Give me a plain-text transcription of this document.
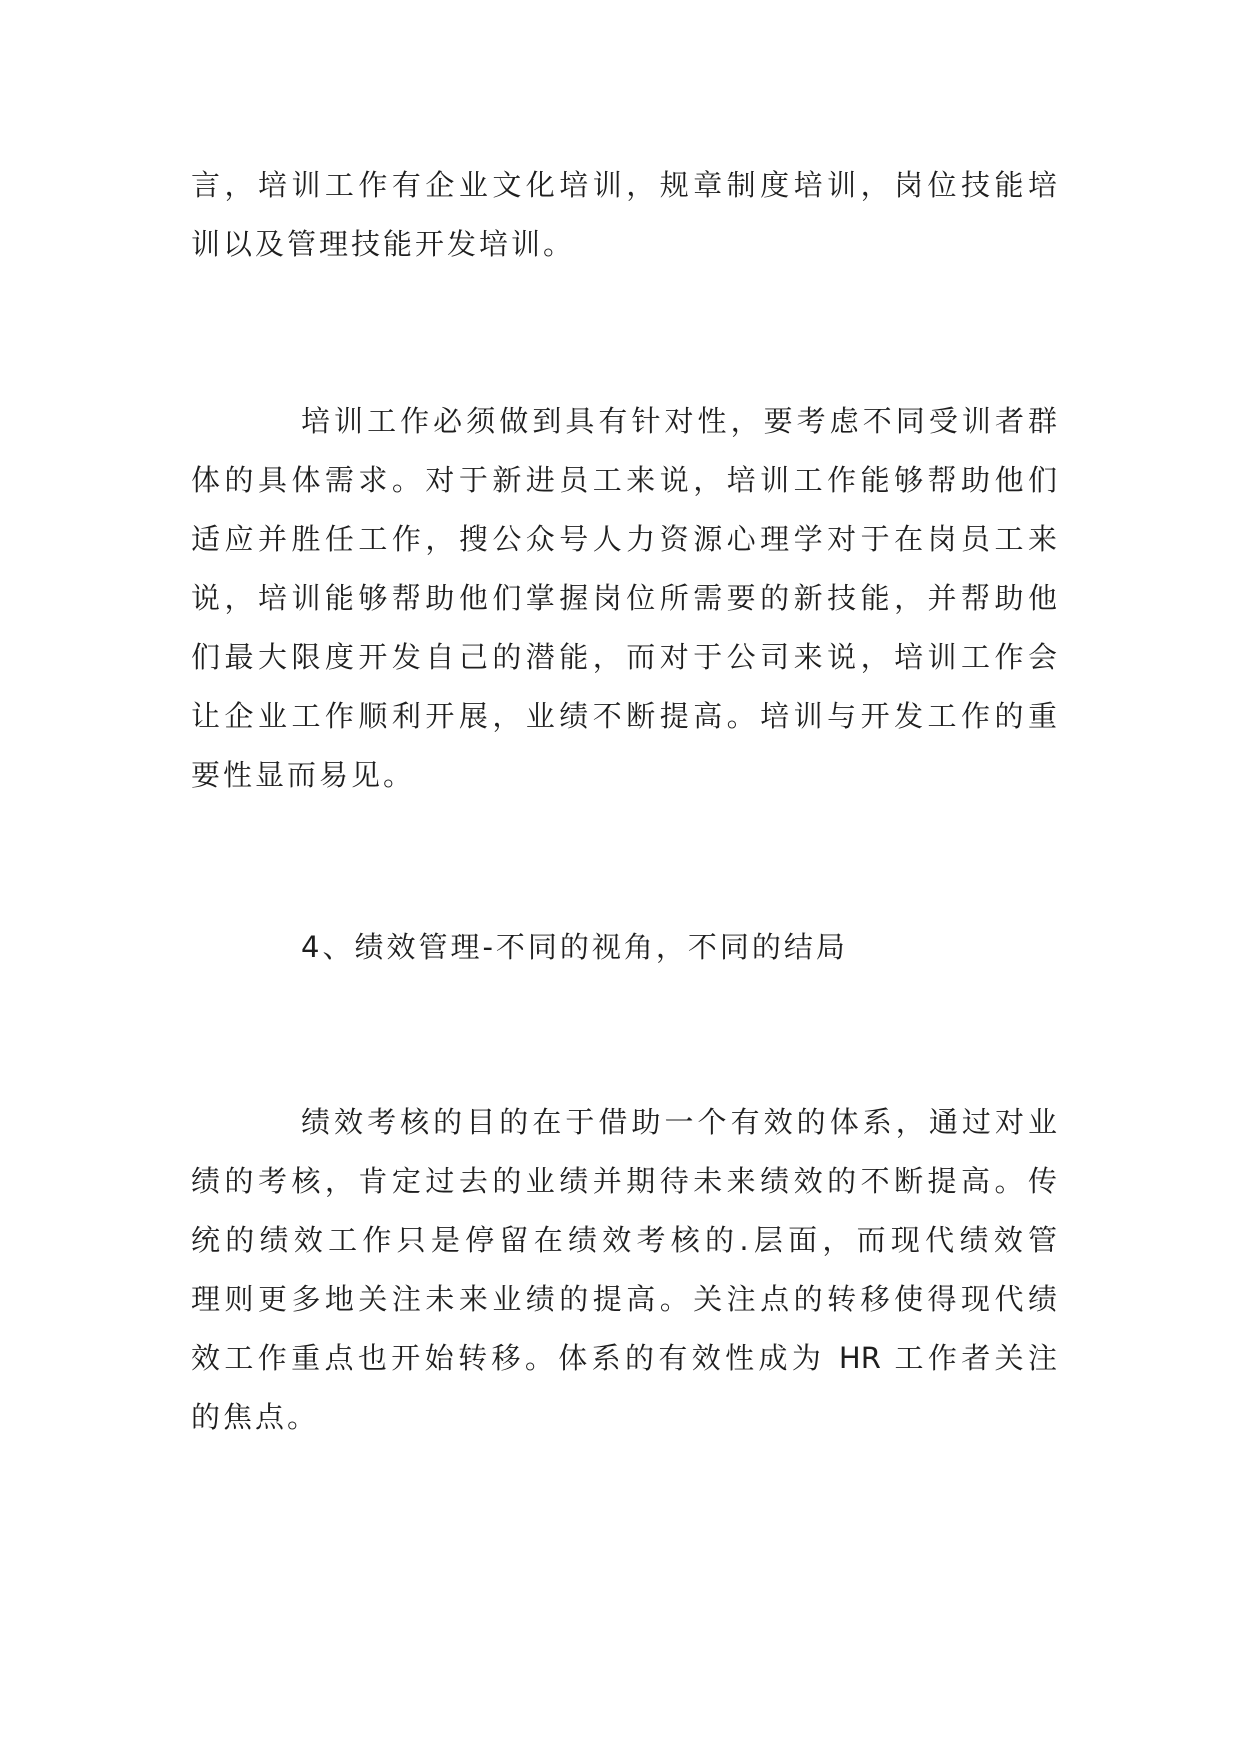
言，培训工作有企业文化培训，规章制度培训，岗位技能培
训以及管理技能开发培训。
培训工作必须做到具有针对性，要考虑不同受训者群
体的具体需求。对于新进员工来说，培训工作能够帮助他们
适应并胜任工作，搜公众号人力资源心理学对于在岗员工来
说，培训能够帮助他们掌握岗位所需要的新技能，并帮助他
们最大限度开发自己的潜能，而对于公司来说，培训工作会
让企业工作顺利开展，业绩不断提高。培训与开发工作的重
要性显而易见。
4、绩效管理-不同的视角，不同的结局
绩效考核的目的在于借助一个有效的体系，通过对业
绩的考核，肯定过去的业绩并期待未来绩效的不断提高。传
统的绩效工作只是停留在绩效考核的.层面，而现代绩效管
理则更多地关注未来业绩的提高。关注点的转移使得现代绩
效工作重点也开始转移。体系的有效性成为 HR 工作者关注
的焦点。
